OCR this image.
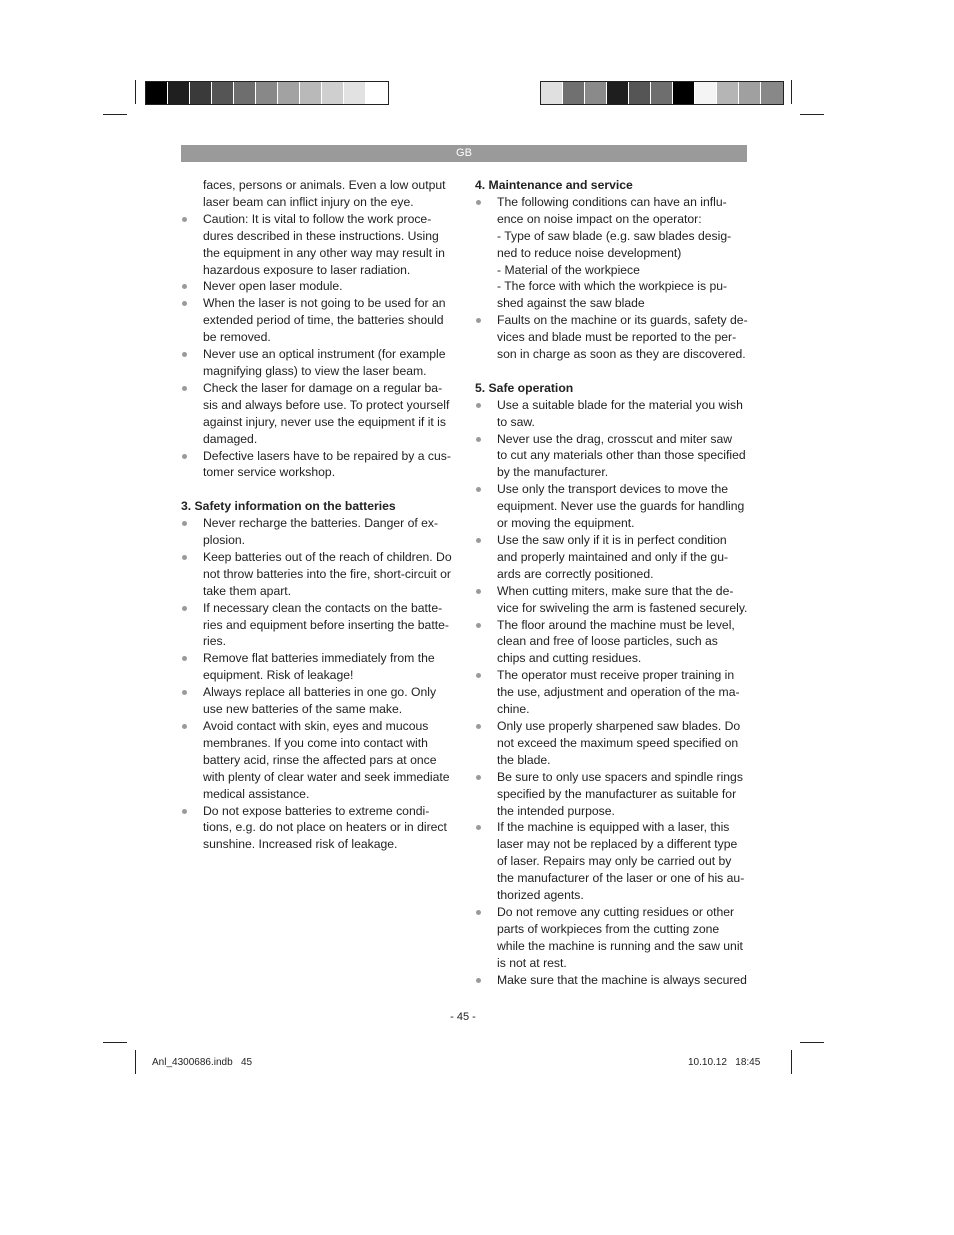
GB

faces, persons or animals. Even a low output
laser beam can inflict injury on the eye.

Caution: It is vital to follow the work proce-
dures described in these instructions. Using
the equipment in any other way may result in
hazardous exposure to laser radiation.
Never open laser module.
When the laser is not going to be used for an
extended period of time, the batteries should
be removed.
Never use an optical instrument (for example
magnifying glass) to view the laser beam.
Check the laser for damage on a regular ba-
sis and always before use. To protect yourself
against injury, never use the equipment if it is
damaged.
Defective lasers have to be repaired by a cus-
tomer service workshop.

3. Safety information on the batteries

Never recharge the batteries. Danger of ex-
plosion.
Keep batteries out of the reach of children. Do
not throw batteries into the fire, short-circuit or
take them apart.
If necessary clean the contacts on the batte-
ries and equipment before inserting the batte-
ries.
Remove flat batteries immediately from the
equipment. Risk of leakage!
Always replace all batteries in one go. Only
use new batteries of the same make.
Avoid contact with skin, eyes and mucous
membranes. If you come into contact with
battery acid, rinse the affected pars at once
with plenty of clear water and seek immediate
medical assistance.
Do not expose batteries to extreme condi-
tions, e.g. do not place on heaters or in direct
sunshine. Increased risk of leakage.

4. Maintenance and service

The following conditions can have an influ-
ence on noise impact on the operator:
- Type of saw blade (e.g. saw blades desig-
ned to reduce noise development)
- Material of the workpiece
- The force with which the workpiece is pu-
shed against the saw blade
Faults on the machine or its guards, safety de-
vices and blade must be reported to the per-
son in charge as soon as they are discovered.

5. Safe operation

Use a suitable blade for the material you wish
to saw.
Never use the drag, crosscut and miter saw
to cut any materials other than those specified
by the manufacturer.
Use only the transport devices to move the
equipment. Never use the guards for handling
or moving the equipment.
Use the saw only if it is in perfect condition
and properly maintained and only if the gu-
ards are correctly positioned.
When cutting miters, make sure that the de-
vice for swiveling the arm is fastened securely.
The floor around the machine must be level,
clean and free of loose particles, such as
chips and cutting residues.
The operator must receive proper training in
the use, adjustment and operation of the ma-
chine.
Only use properly sharpened saw blades. Do
not exceed the maximum speed specified on
the blade.
Be sure to only use spacers and spindle rings
specified by the manufacturer as suitable for
the intended purpose.
If the machine is equipped with a laser, this
laser may not be replaced by a different type
of laser. Repairs may only be carried out by
the manufacturer of the laser or one of his au-
thorized agents.
Do not remove any cutting residues or other
parts of workpieces from the cutting zone
while the machine is running and the saw unit
is not at rest.
Make sure that the machine is always secured
- 45 -
Anl_4300686.indb   45	10.10.12   18:45
